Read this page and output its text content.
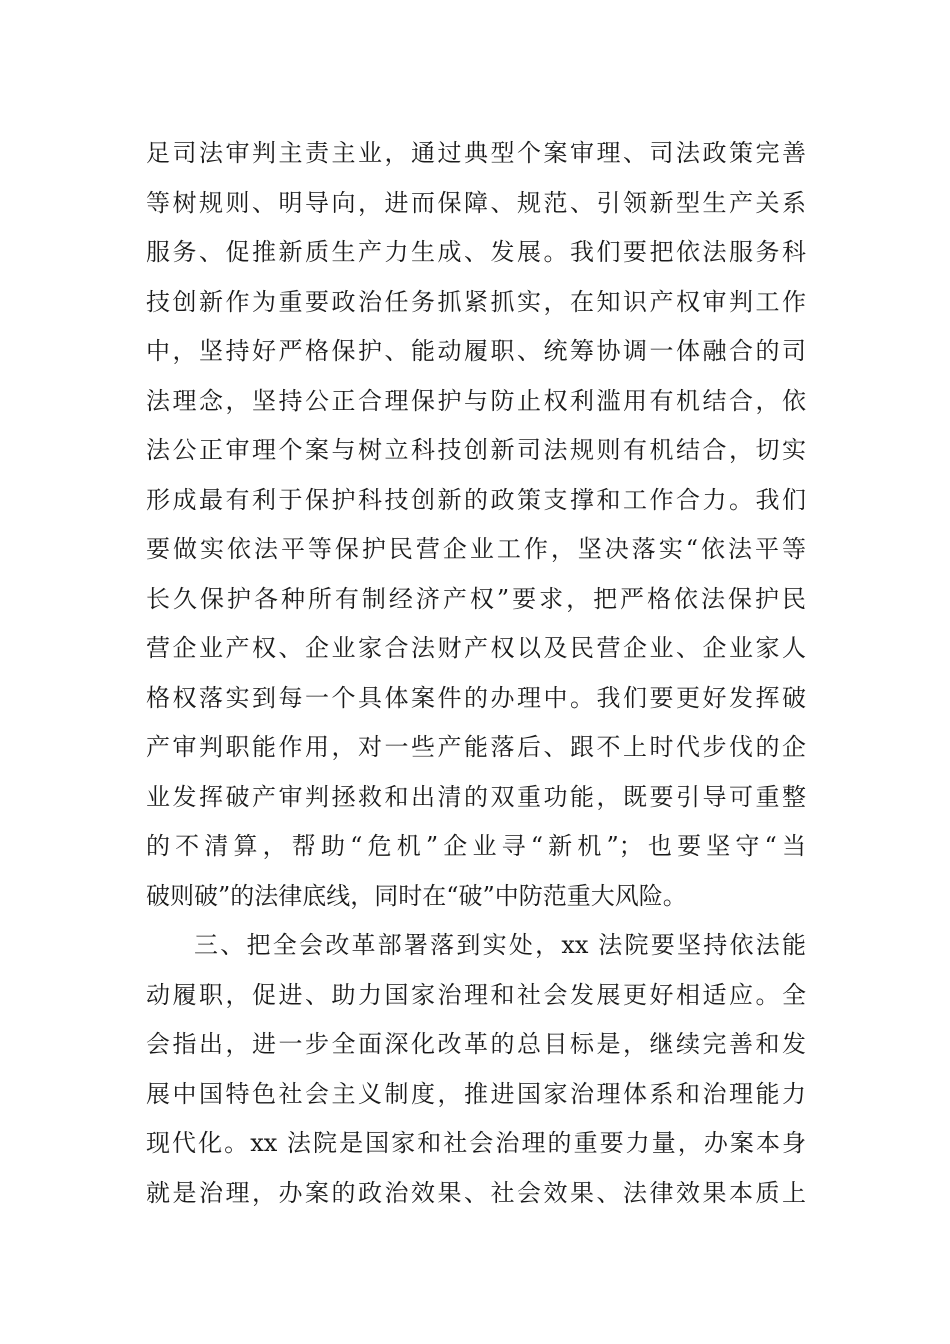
足司法审判主责主业，通过典型个案审理、司法政策完善
等树规则、明导向，进而保障、规范、引领新型生产关系
服务、促推新质生产力生成、发展。我们要把依法服务科
技创新作为重要政治任务抓紧抓实，在知识产权审判工作
中，坚持好严格保护、能动履职、统筹协调一体融合的司
法理念，坚持公正合理保护与防止权利滥用有机结合，依
法公正审理个案与树立科技创新司法规则有机结合，切实
形成最有利于保护科技创新的政策支撑和工作合力。我们
要做实依法平等保护民营企业工作，坚决落实“依法平等
长久保护各种所有制经济产权”要求，把严格依法保护民
营企业产权、企业家合法财产权以及民营企业、企业家人
格权落实到每一个具体案件的办理中。我们要更好发挥破
产审判职能作用，对一些产能落后、跟不上时代步伐的企
业发挥破产审判拯救和出清的双重功能，既要引导可重整
的不清算，帮助“危机”企业寻“新机”；也要坚守“当
破则破”的法律底线，同时在“破”中防范重大风险。
三、把全会改革部署落到实处，xx 法院要坚持依法能
动履职，促进、助力国家治理和社会发展更好相适应。全
会指出，进一步全面深化改革的总目标是，继续完善和发
展中国特色社会主义制度，推进国家治理体系和治理能力
现代化。xx 法院是国家和社会治理的重要力量，办案本身
就是治理，办案的政治效果、社会效果、法律效果本质上
